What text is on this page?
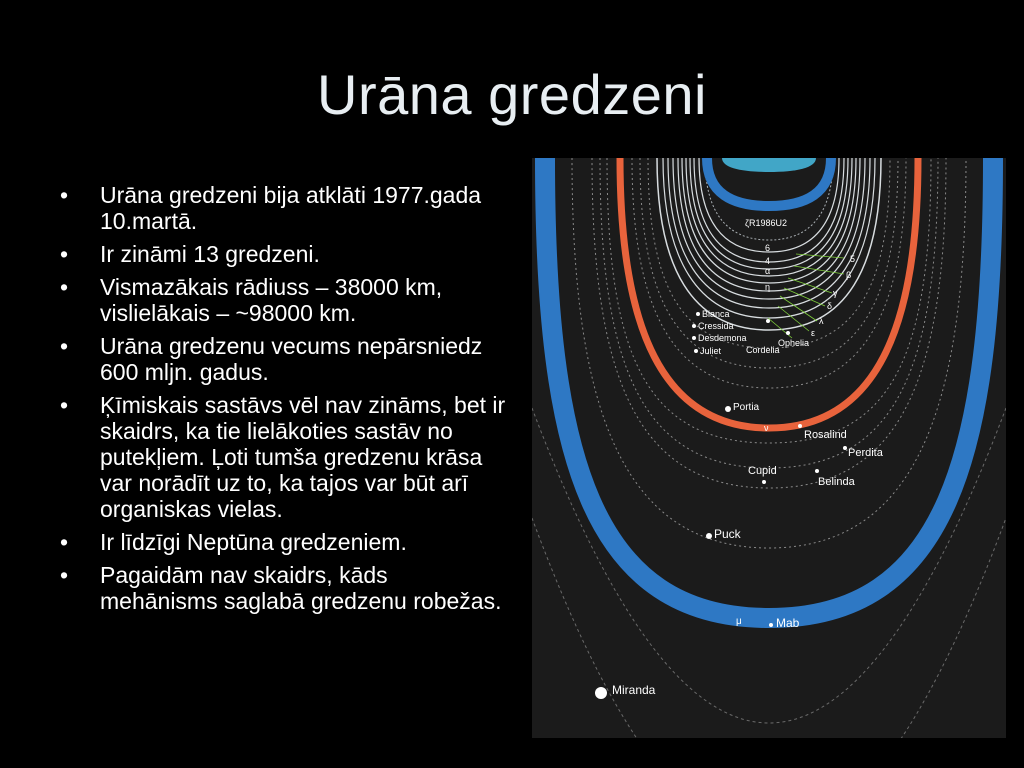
Urāna gredzeni
• Urāna gredzeni bija atklāti 1977.gada 10.martā.
• Ir zināmi 13 gredzeni.
• Vismazākais rādiuss – 38000 km, vislielākais – ~98000 km.
• Urāna gredzenu vecums nepārsniedz 600 mljn. gadus.
• Ķīmiskais sastāvs vēl nav zināms, bet ir skaidrs, ka tie lielākoties sastāv no putekļiem. Ļoti tumša gredzenu krāsa var norādīt uz to, ka tajos var būt arī organiskas vielas.
• Ir līdzīgi Neptūna gredzeniem.
• Pagaidām nav skaidrs, kāds mehānisms saglabā gredzenu robežas.
ζR1986U2
6
4
α
η
5
β
γ
δ
λ
ε
ν
μ
Bianca
Cressida
Desdemona
Juliet	Cordelia
Ophelia
Portia
Rosalind
Perdita
Cupid
Belinda
Puck
Mab
Miranda
